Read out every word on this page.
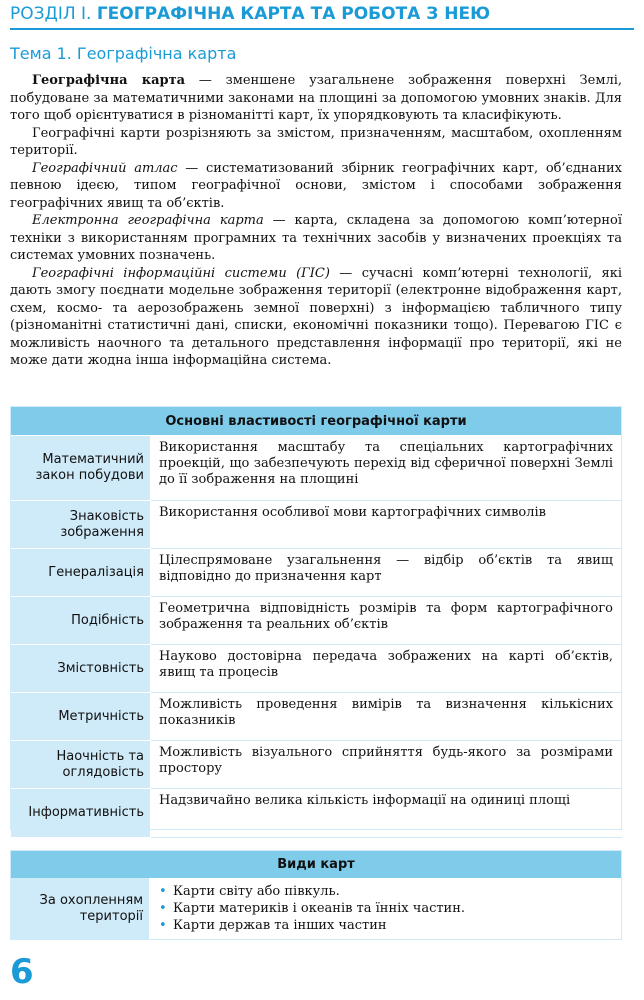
РОЗДІЛ І. ГЕОГРАФІЧНА КАРТА ТА РОБОТА З НЕЮ
Тема 1. Географічна карта

Географічна карта — зменшене узагальнене зображення поверхні Землі, побудоване за математичними законами на площині за допомогою умовних знаків. Для того щоб орієнтуватися в різноманітті карт, їх упорядковують та класифікують.

Географічні карти розрізняють за змістом, призначенням, масштабом, охопленням території.

Географічний атлас — систематизований збірник географічних карт, об’єднаних певною ідеєю, типом географічної основи, змістом і способами зображення географічних явищ та об’єктів.

Електронна географічна карта — карта, складена за допомогою комп’ютерної техніки з використанням програмних та технічних засобів у визначених проекціях та системах умовних позначень.

Географічні інформаційні системи (ГІС) — сучасні комп’ютерні технології, які дають змогу поєднати модельне зображення території (електронне відображення карт, схем, космо- та аерозображень земної поверхні) з інформацією табличного типу (різноманітні статистичні дані, списки, економічні показники тощо). Перевагою ГІС є можливість наочного та детального представлення інформації про території, які не може дати жодна інша інформаційна система.

Основні властивості географічної карти	
Математичний закон побудови	Використання масштабу та спеціальних картографічних проекцій, що забезпечують перехід від сферичної поверхні Землі до її зображення на площині
Знаковість зображення	Використання особливої мови картографічних символів
Генералізація	Цілеспрямоване узагальнення — відбір об’єктів та явищ відповідно до призначення карт
Подібність	Геометрична відповідність розмірів та форм картографічного зображення та реальних об’єктів
Змістовність	Науково достовірна передача зображених на карті об’єктів, явищ та процесів
Метричність	Можливість проведення вимірів та визначення кількісних показників
Наочність та оглядовість	Можливість візуального сприйняття будь-якого за розмірами простору
Інформативність	Надзвичайно велика кількість інформації на одиниці площі
Види карт
За охопленням території	
• Карти світу або півкуль.
• Карти материків і океанів та їнніх частин.
• Карти держав та інших частин
6
